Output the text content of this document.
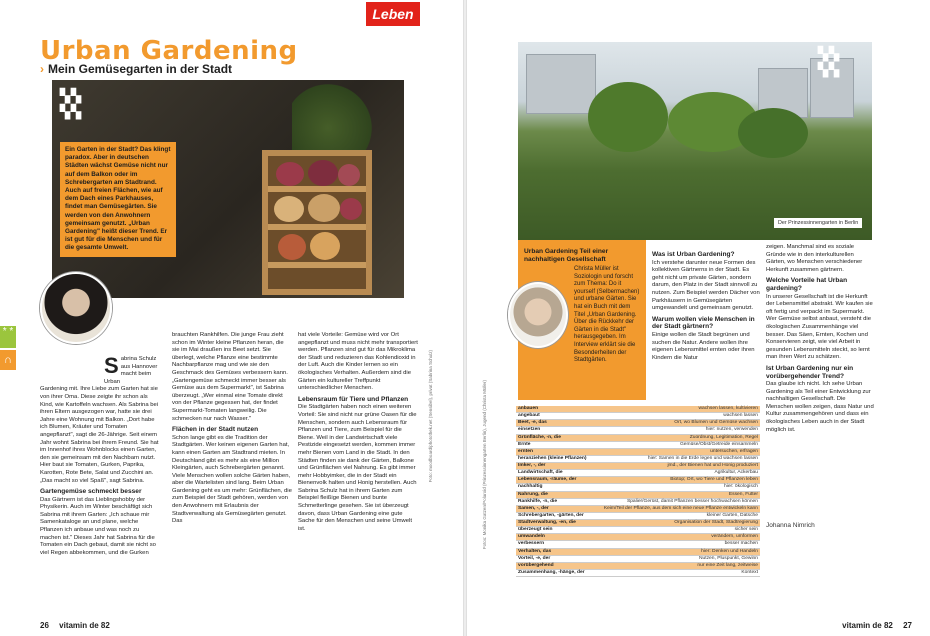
Leben
Urban Gardening
› Mein Gemüsegarten in der Stadt
▚▚
▚▚
Ein Garten in der Stadt? Das klingt paradox. Aber in deutschen Städten wächst Gemüse nicht nur auf dem Balkon oder im Schrebergarten am Stadtrand. Auch auf freien Flächen, wie auf dem Dach eines Parkhauses, findet man Gemüsegärten. Sie werden von den Anwohnern gemeinsam genutzt. „Urban Gardening" heißt dieser Trend. Er ist gut für die Menschen und für die gesamte Umwelt.
* *
∩	Sabrina Schulz aus Hannover macht beim Urban

Gardening mit. Ihre Liebe zum Garten hat sie von ihrer Oma. Diese zeigte ihr schon als Kind, wie Kartoffeln wachsen. Als Sabrina bei ihren Eltern ausgezogen war, hatte sie drei Jahre eine Wohnung mit Balkon. „Dort habe ich Blumen, Kräuter und Tomaten angepflanzt", sagt die 26-Jährige. Seit einem Jahr wohnt Sabrina bei ihrem Freund. Sie hat im Innenhof ihres Wohnblocks einen Garten, den sie gemeinsam mit den Nachbarn nutzt. Hier baut sie Tomaten, Gurken, Paprika, Karotten, Rote Bete, Salat und Zucchini an. „Das macht so viel Spaß", sagt Sabrina.

Gartengemüse schmeckt besser

Das Gärtnern ist das Lieblingshobby der Physikerin. Auch im Winter beschäftigt sich Sabrina mit ihrem Garten: „Ich schaue mir Samenkataloge an und plane, welche Pflanzen ich anbaue und was noch zu machen ist." Dieses Jahr hat Sabrina für die Tomaten ein Dach gebaut, damit sie nicht so viel Regen abbekommen, und die Gurken

brauchten Rankhilfen. Die junge Frau zieht schon im Winter kleine Pflanzen heran, die sie im Mai draußen ins Beet setzt. Sie überlegt, welche Pflanze eine bestimmte Nachbarpflanze mag und wie sie den Geschmack des Gemüses verbessern kann. „Gartengemüse schmeckt immer besser als Gemüse aus dem Supermarkt", ist Sabrina überzeugt. „Wer einmal eine Tomate direkt von der Pflanze gegessen hat, der findet Supermarkt-Tomaten langweilig. Die schmecken nur nach Wasser."

Flächen in der Stadt nutzen

Schon lange gibt es die Tradition der Stadtgärten. Wer keinen eigenen Garten hat, kann einen Garten am Stadtrand mieten. In Deutschland gibt es mehr als eine Million Kleingärten, auch Schrebergärten genannt. Viele Menschen wollen solche Gärten haben, aber die Wartelisten sind lang. Beim Urban Gardening geht es um mehr: Grünflächen, die zum Beispiel der Stadt gehören, werden von den Anwohnern mit Erlaubnis der Stadtverwaltung als Gemüsegärten genutzt. Das

hat viele Vorteile: Gemüse wird vor Ort angepflanzt und muss nicht mehr transportiert werden. Pflanzen sind gut für das Mikroklima der Stadt und reduzieren das Kohlendioxid in der Luft. Auch die Kinder lernen so ein ökologisches Verhalten. Außerdem sind die Gärten ein kultureller Treffpunkt unterschiedlicher Menschen.

Lebensraum für Tiere und Pflanzen

Die Stadtgärten haben noch einen weiteren Vorteil: Sie sind nicht nur grüne Oasen für die Menschen, sondern auch Lebensraum für Pflanzen und Tiere, zum Beispiel für die Biene. Weil in der Landwirtschaft viele Pestizide eingesetzt werden, kommen immer mehr Bienen vom Land in die Stadt. In den Städten finden sie dank der Gärten, Balkone und Grünflächen viel Nahrung. Es gibt immer mehr Hobbyimker, die in der Stadt ein Bienenvolk halten und Honig herstellen. Auch Sabrina Schulz hat in ihrem Garten zum Beispiel fleißige Bienen und bunte Schmetterlinge gesehen. Sie ist überzeugt davon, dass Urban Gardening eine gute Sache für den Menschen und seine Umwelt ist.

Foto: moodboard/photothek.net (Sensibel), privat (Sabrina Schulz)
26 vitamin de 82
▚▚
▚▚
Der Prinzessinnengarten in Berlin
Urban Gardening Teil einer nachhaltigen Gesellschaft
Christa Müller ist Soziologin und forscht zum Thema: Do it yourself (Selbermachen) und urbane Gärten. Sie hat ein Buch mit dem Titel „Urban Gardening. Über die Rückkehr der Gärten in die Stadt" herausgegeben. Im Interview erklärt sie die Besonderheiten der Stadtgärten.
Was ist Urban Gardening?

Ich verstehe darunter neue Formen des kollektiven Gärtnerns in der Stadt. Es geht nicht um private Gärten, sondern darum, den Platz in der Stadt sinnvoll zu nutzen. Zum Beispiel werden Dächer von Parkhäusern in Gemüsegärten umgewandelt und gemeinsam genutzt.

Warum wollen viele Menschen in der Stadt gärtnern?

Einige wollen die Stadt begrünen und suchen die Natur. Andere wollen ihre eigenen Lebensmittel ernten oder ihren Kindern die Natur

zeigen. Manchmal sind es soziale Gründe wie in den interkulturellen Gärten, wo Menschen verschiedener Herkunft zusammen gärtnern.

Welche Vorteile hat Urban gardening?

In unserer Gesellschaft ist die Herkunft der Lebensmittel abstrakt. Wir kaufen sie oft fertig und verpackt im Supermarkt. Wer Gemüse selbst anbaut, versteht die ökologischen Zusammenhänge viel besser. Das Säen, Ernten, Kochen und Konservieren zeigt, wie viel Arbeit in gesunden Lebensmitteln steckt, so lernt man ihren Wert zu schätzen.

Ist Urban Gardening nur ein vorübergehender Trend?

Das glaube ich nicht. Ich sehe Urban Gardening als Teil einer Entwicklung zur nachhaltigen Gesellschaft. Die Menschen wollen zeigen, dass Natur und Kultur zusammengehören und dass ein ökologisches Leben auch in der Stadt möglich ist.

Fotos: Monika Gatzen/Polaroid (Prinzessinnengarten Berlin), Jugend (Christa Müller)	anbauen	wachsen lassen, kultivieren
angebaut	wachsen lassen
Beet, -e, das	Ort, wo Blumen und Gemüse wachsen
einsetzen	hier: nutzen, verwenden
Grünfläche, -n, die	Zuordnung, Legitimation, Regel
Ernte	Gemüse/Obst/Getreide einsammeln
ernten	untersuchen, erfragen
heranziehen (kleine Pflanzen)	hier: Samen in die Erde legen und wachsen lassen
Imker, -, der	jmd., der Bienen hat und Honig produziert
Landwirtschaft, die	Agrikultur, Ackerbau
Lebensraum, -räume, der	Biotop; Ort, wo Tiere und Pflanzen leben
nachhaltig	hier: ökologisch
Nahrung, die	Essen, Futter
Rankhilfe, -n, die	Spalier/Gerüst, damit Pflanzen besser hochwachsen können
Samen, -, der	Keim/Teil der Pflanze, aus dem sich eine neue Pflanze entwickeln kann
Schrebergarten, -gärten, der	kleiner Garten, Datsche
Stadtverwaltung, -en, die	Organisation der Stadt, Stadtregierung
überzeugt sein	sicher sein
umwandeln	verändern, umformen
verbessern	besser machen
Verhalten, das	hier: Denken und Handeln
Vorteil, -e, der	Nutzen, Pluspunkt, Gewinn
vorübergehend	nur eine Zeit lang, zeitweise
Zusammenhang, -hänge, der	Kontext
Johanna Nimrich
vitamin de 82 27
